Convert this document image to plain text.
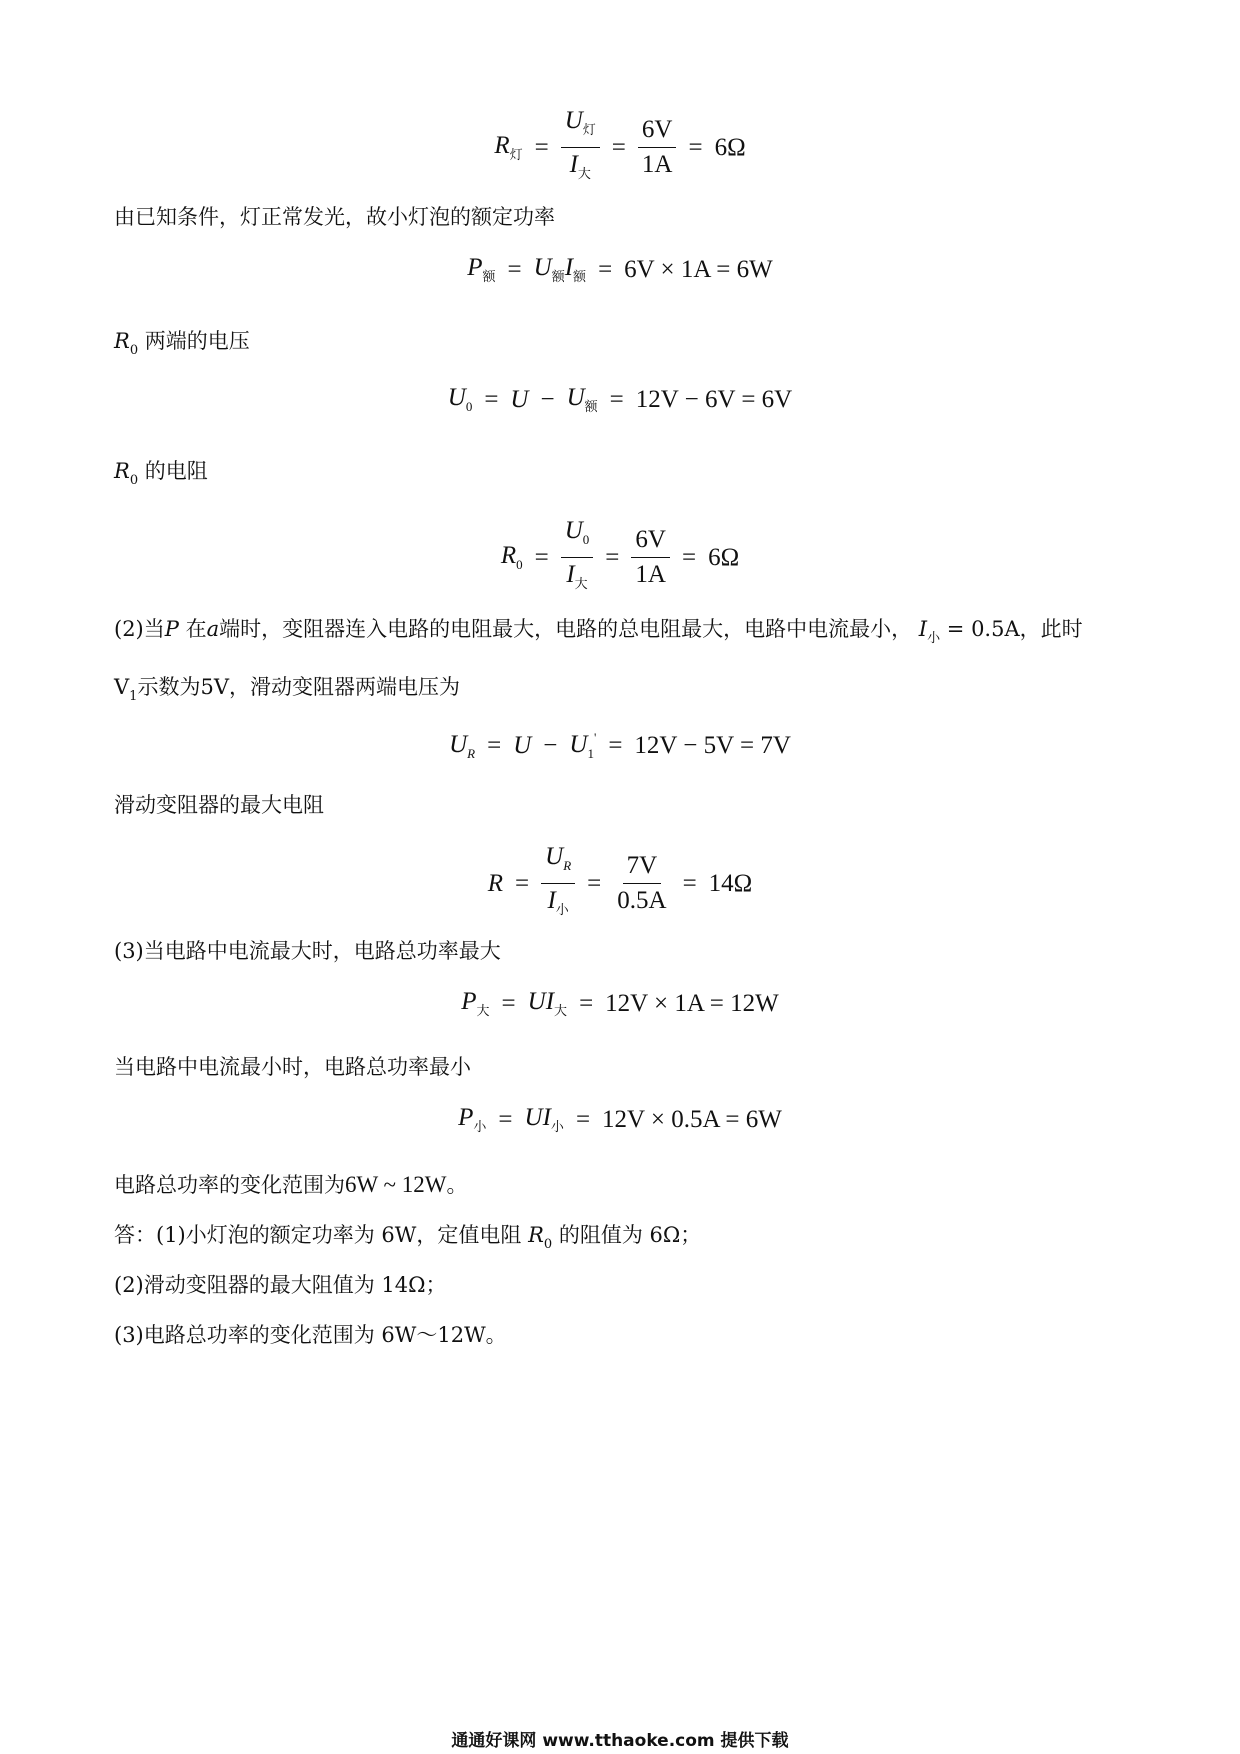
$R_灯 = \frac{U_灯}{I_大} = \frac{6V}{1A} = 6\Omega$
由已知条件，灯正常发光，故小灯泡的额定功率
$P_额 = U_额I_额 = 6V \times 1A = 6W$
$R_0$ 两端的电压
$U_0 = U - U_额 = 12V - 6V = 6V$
$R_0$ 的电阻
$R_0 = \frac{U_0}{I_大} = \frac{6V}{1A} = 6\Omega$
(2)当P 在a端时，变阻器连入电路的电阻最大，电路的总电阻最大，电路中电流最小， $I_小 = 0.5A$，此时
$V_1$示数为5V，滑动变阻器两端电压为
$U_R = U - U_1' = 12V - 5V = 7V$
滑动变阻器的最大电阻
$R = \frac{U_R}{I_小} = \frac{7V}{0.5A} = 14\Omega$
(3)当电路中电流最大时，电路总功率最大
$P_大 = UI_大 = 12V \times 1A = 12W$
当电路中电流最小时，电路总功率最小
$P_小 = UI_小 = 12V \times 0.5A = 6W$
电路总功率的变化范围为6W ~ 12W。
答：(1)小灯泡的额定功率为 6W，定值电阻 $R_0$ 的阻值为 6Ω；
(2)滑动变阻器的最大阻值为 14Ω；
(3)电路总功率的变化范围为 6W～12W。
通通好课网 www.tthaoke.com 提供下载
